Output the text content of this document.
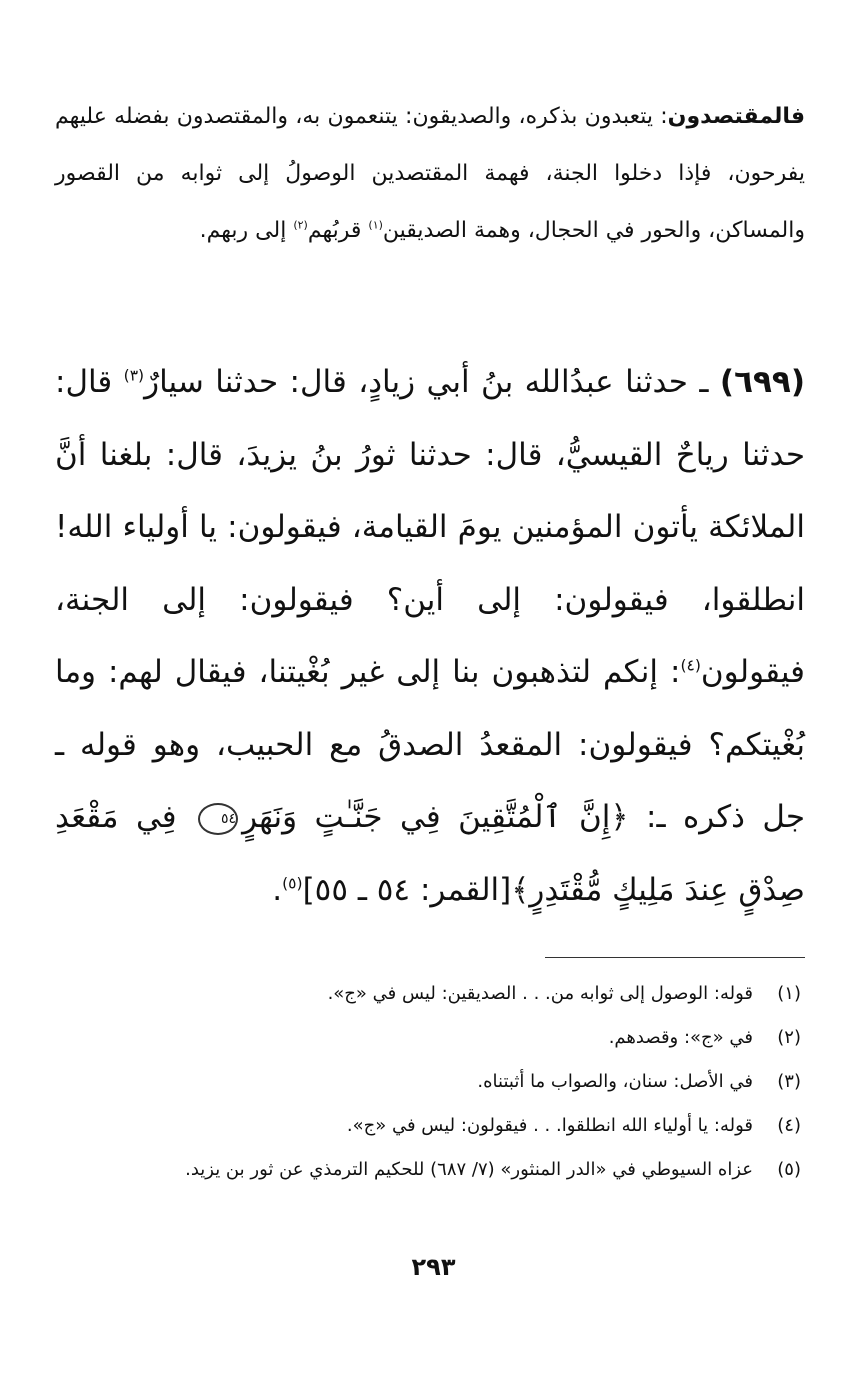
فالمقتصدون: يتعبدون بذكره، والصديقون: يتنعمون به، والمقتصدون بفضله عليهم يفرحون، فإذا دخلوا الجنة، فهمة المقتصدين الوصولُ إلى ثوابه من القصور والمساكن، والحور في الحجال، وهمة الصديقين$^{(١)}$ قربُهم$^{(٢)}$ إلى ربهم.

(٦٩٩) ـ حدثنا عبدُالله بنُ أبي زيادٍ، قال: حدثنا سيارٌ$^{(٣)}$ قال: حدثنا رياحٌ القيسيُّ، قال: حدثنا ثورُ بنُ يزيدَ، قال: بلغنا أنَّ الملائكة يأتون المؤمنين يومَ القيامة، فيقولون: يا أولياء الله! انطلقوا، فيقولون: إلى أين؟ فيقولون: إلى الجنة، فيقولون$^{(٤)}$: إنكم لتذهبون بنا إلى غير بُغْيتنا، فيقال لهم: وما بُغْيتكم؟ فيقولون: المقعدُ الصدقُ مع الحبيب، وهو قوله ـ جل ذكره ـ: ﴿إِنَّ ٱلْمُتَّقِينَ فِي جَنَّـٰتٍ وَنَهَرٍ٥٤ فِي مَقْعَدِ صِدْقٍ عِندَ مَلِيكٍ مُّقْتَدِرٍ﴾[القمر: ٥٤ ـ ٥٥]$^{(٥)}$.

(١)قوله: الوصول إلى ثوابه من. . . الصديقين: ليس في «ج».
(٢)في «ج»: وقصدهم.
(٣)في الأصل: سنان، والصواب ما أثبتناه.
(٤)قوله: يا أولياء الله انطلقوا. . . فيقولون: ليس في «ج».
(٥)عزاه السيوطي في «الدر المنثور» (٧/ ٦٨٧) للحكيم الترمذي عن ثور بن يزيد.
٢٩٣
